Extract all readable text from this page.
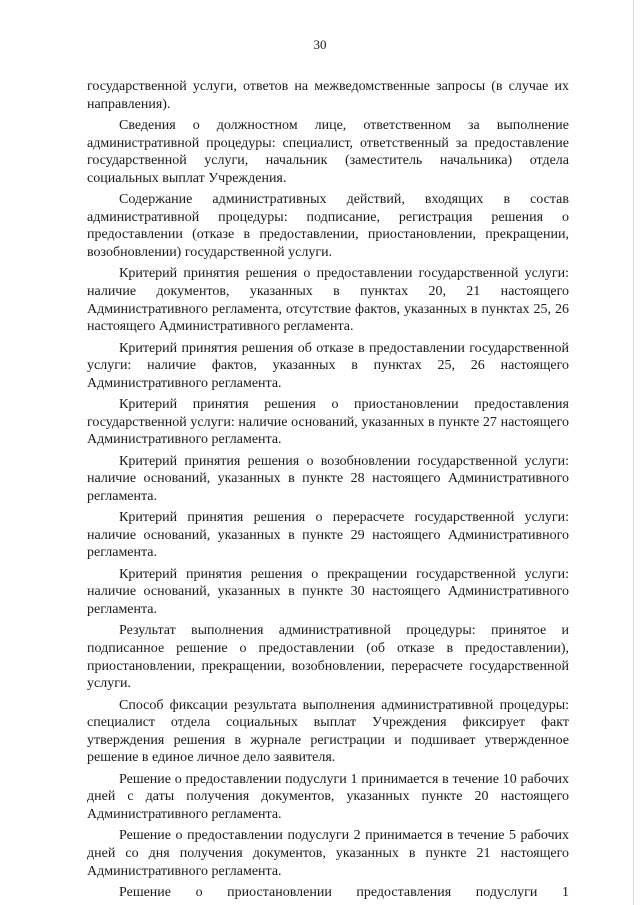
30

государственной услуги, ответов на межведомственные запросы (в случае их направления).

Сведения о должностном лице, ответственном за выполнение административной процедуры: специалист, ответственный за предоставление государственной услуги, начальник (заместитель начальника) отдела социальных выплат Учреждения.

Содержание административных действий, входящих в состав административной процедуры: подписание, регистрация решения о предоставлении (отказе в предоставлении, приостановлении, прекращении, возобновлении) государственной услуги.

Критерий принятия решения о предоставлении государственной услуги: наличие документов, указанных в пунктах 20, 21 настоящего Административного регламента, отсутствие фактов, указанных в пунктах 25, 26 настоящего Административного регламента.

Критерий принятия решения об отказе в предоставлении государственной услуги: наличие фактов, указанных в пунктах 25, 26 настоящего Административного регламента.

Критерий принятия решения о приостановлении предоставления государственной услуги: наличие оснований, указанных в пункте 27 настоящего Административного регламента.

Критерий принятия решения о возобновлении государственной услуги: наличие оснований, указанных в пункте 28 настоящего Административного регламента.

Критерий принятия решения о перерасчете государственной услуги: наличие оснований, указанных в пункте 29 настоящего Административного регламента.

Критерий принятия решения о прекращении государственной услуги: наличие оснований, указанных в пункте 30 настоящего Административного регламента.

Результат выполнения административной процедуры: принятое и подписанное решение о предоставлении (об отказе в предоставлении), приостановлении, прекращении, возобновлении, перерасчете государственной услуги.

Способ фиксации результата выполнения административной процедуры: специалист отдела социальных выплат Учреждения фиксирует факт утверждения решения в журнале регистрации и подшивает утвержденное решение в единое личное дело заявителя.

Решение о предоставлении подуслуги 1 принимается в течение 10 рабочих дней с даты получения документов, указанных пункте 20 настоящего Административного регламента.

Решение о предоставлении подуслуги 2 принимается в течение 5 рабочих дней со дня получения документов, указанных в пункте 21 настоящего Административного регламента.

Решение о приостановлении предоставления подуслуги 1
